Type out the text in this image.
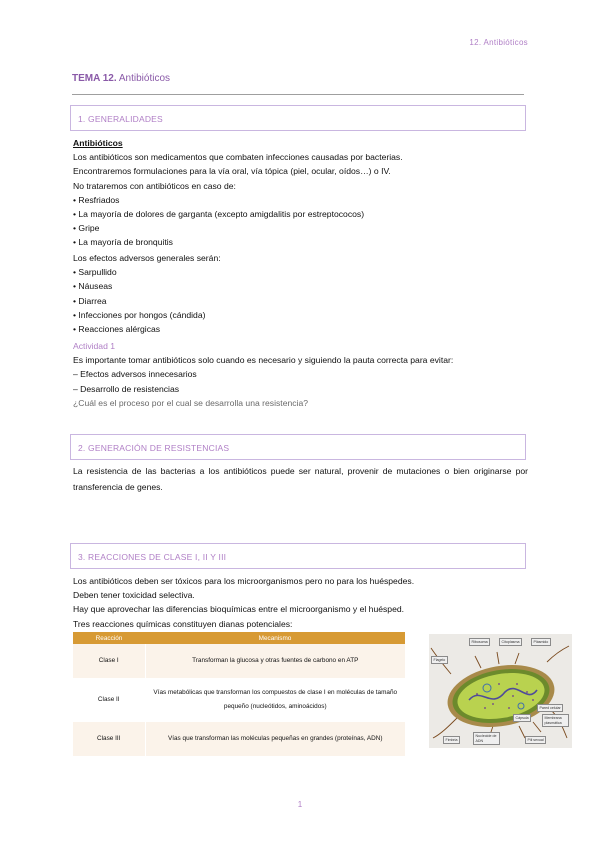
12. Antibióticos
TEMA 12. Antibióticos
1. GENERALIDADES
Antibióticos
Los antibióticos son medicamentos que combaten infecciones causadas por bacterias.
Encontraremos formulaciones para la vía oral, vía tópica (piel, ocular, oídos…) o IV.
No trataremos con antibióticos en caso de:
• Resfriados
• La mayoría de dolores de garganta (excepto amigdalitis por estreptococos)
• Gripe
• La mayoría de bronquitis
Los efectos adversos generales serán:
• Sarpullido
• Náuseas
• Diarrea
• Infecciones por hongos (cándida)
• Reacciones alérgicas
Actividad 1
Es importante tomar antibióticos solo cuando es necesario y siguiendo la pauta correcta para evitar:
– Efectos adversos innecesarios
– Desarrollo de resistencias
¿Cuál es el proceso por el cual se desarrolla una resistencia?
2. GENERACIÓN DE RESISTENCIAS
La resistencia de las bacterias a los antibióticos puede ser natural, provenir de mutaciones o bien originarse por transferencia de genes.
3. REACCIONES DE CLASE I, II Y III
Los antibióticos deben ser tóxicos para los microorganismos pero no para los huéspedes.
Deben tener toxicidad selectiva.
Hay que aprovechar las diferencias bioquímicas entre el microorganismo y el huésped.
Tres reacciones químicas constituyen dianas potenciales:
Reacción	Mecanismo
Clase I	Transforman la glucosa y otras fuentes de carbono en ATP
Clase II	Vías metabólicas que transforman los compuestos de clase I en moléculas de tamaño pequeño (nucleótidos, aminoácidos)
Clase III	Vías que transforman las moléculas pequeñas en grandes (proteínas, ADN)
Ribosoma	Citoplasma	Plásmido
Flagelo
Pared celular
Membrana plasmática
Cápsula
Fimbria
Nucleoide de ADN	Pili sexual
1
